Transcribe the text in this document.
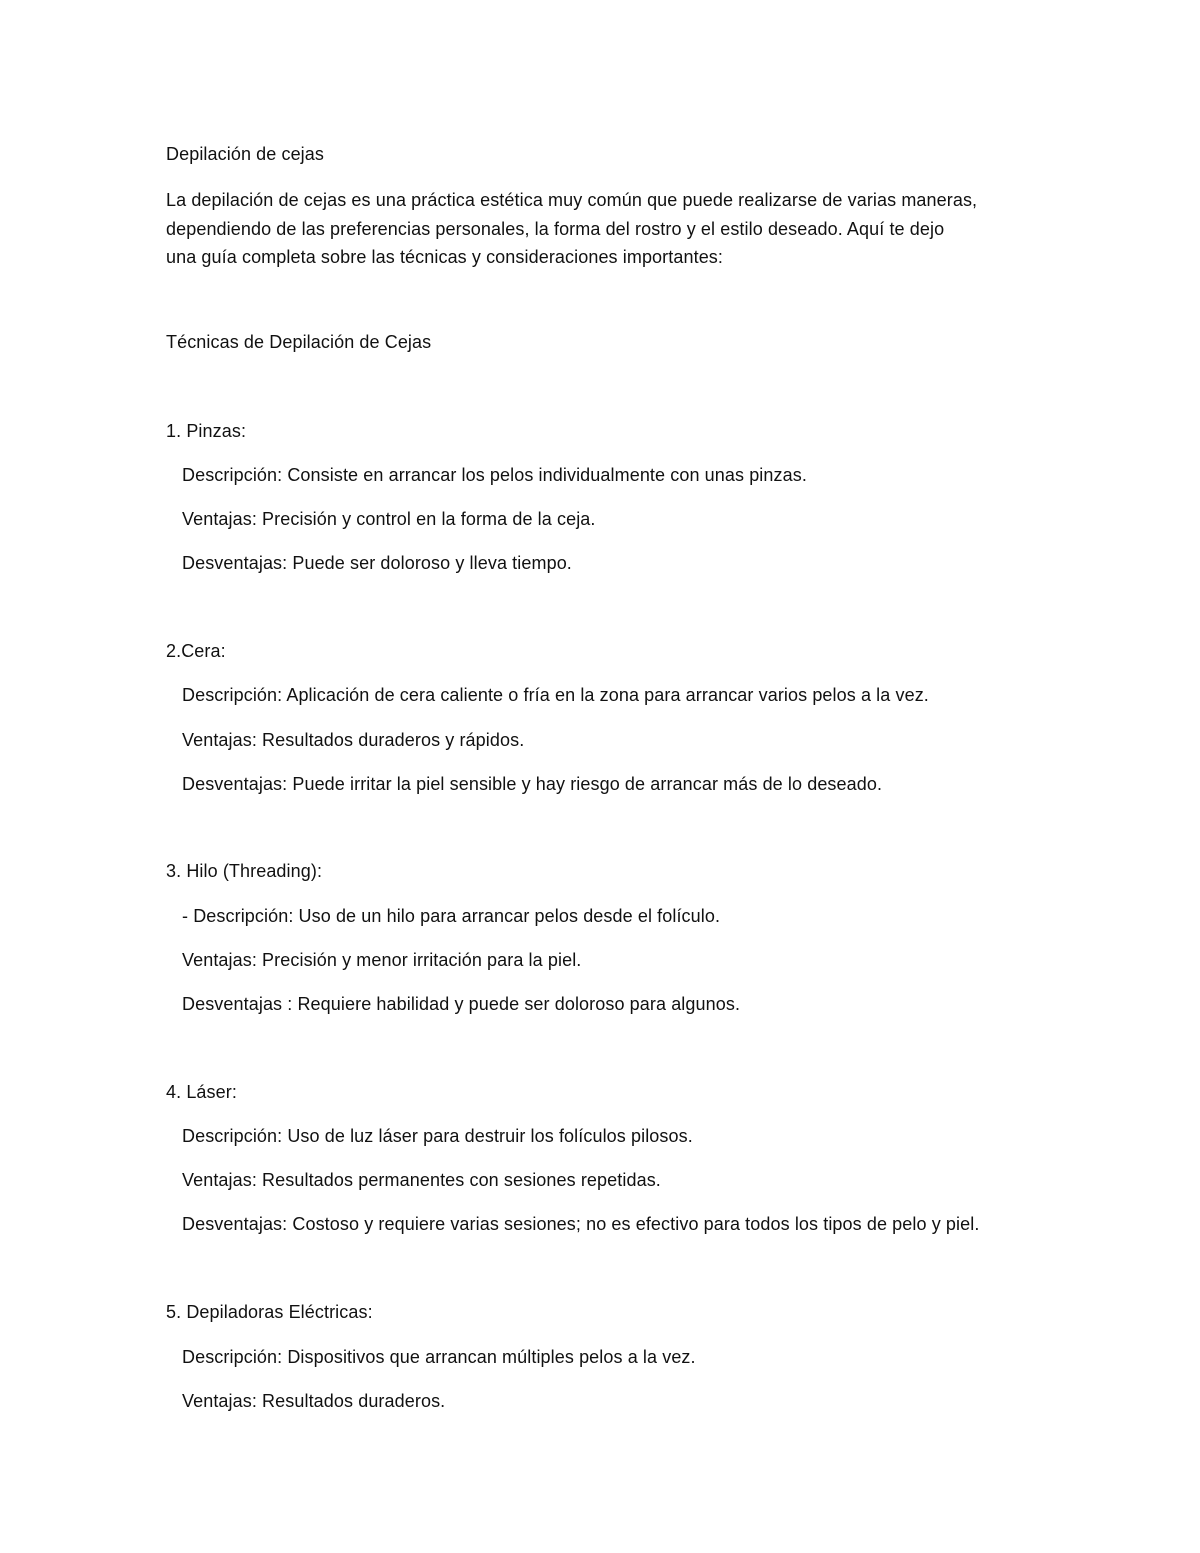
Depilación de cejas

La depilación de cejas es una práctica estética muy común que puede realizarse de varias maneras,
dependiendo de las preferencias personales, la forma del rostro y el estilo deseado. Aquí te dejo
una guía completa sobre las técnicas y consideraciones importantes:

Técnicas de Depilación de Cejas
1. Pinzas:

Descripción: Consiste en arrancar los pelos individualmente con unas pinzas.

Ventajas: Precisión y control en la forma de la ceja.

Desventajas: Puede ser doloroso y lleva tiempo.

2.Cera:

Descripción: Aplicación de cera caliente o fría en la zona para arrancar varios pelos a la vez.

Ventajas: Resultados duraderos y rápidos.

Desventajas: Puede irritar la piel sensible y hay riesgo de arrancar más de lo deseado.

3. Hilo (Threading):

- Descripción: Uso de un hilo para arrancar pelos desde el folículo.

Ventajas: Precisión y menor irritación para la piel.

Desventajas : Requiere habilidad y puede ser doloroso para algunos.

4. Láser:

Descripción: Uso de luz láser para destruir los folículos pilosos.

Ventajas: Resultados permanentes con sesiones repetidas.

Desventajas: Costoso y requiere varias sesiones; no es efectivo para todos los tipos de pelo y piel.

5. Depiladoras Eléctricas:

Descripción: Dispositivos que arrancan múltiples pelos a la vez.

Ventajas: Resultados duraderos.
